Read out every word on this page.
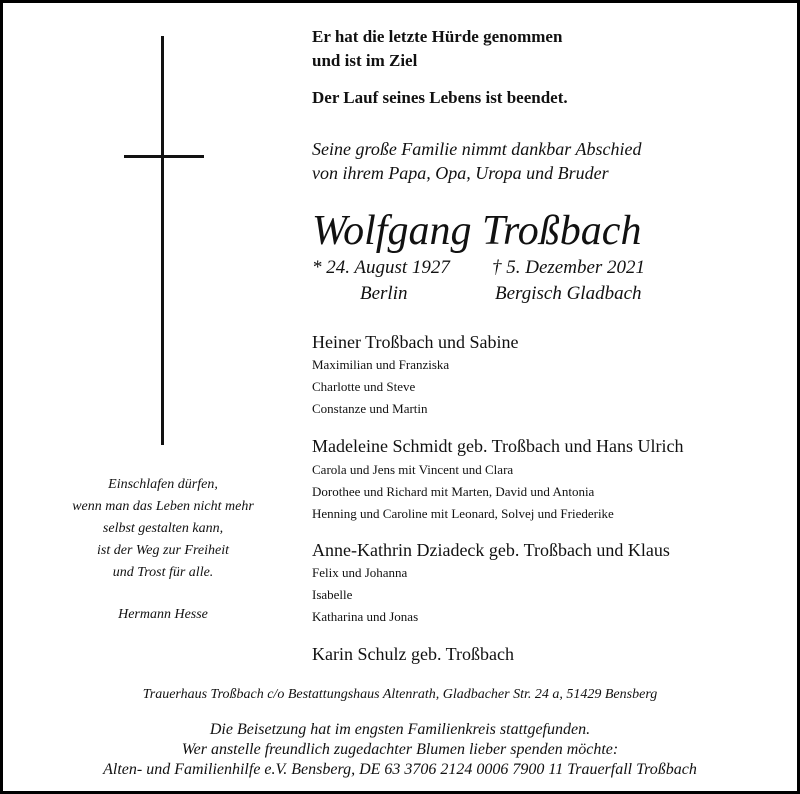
Er hat die letzte Hürde genommen
und ist im Ziel
Der Lauf seines Lebens ist beendet.
Seine große Familie nimmt dankbar Abschied
von ihrem Papa, Opa, Uropa und Bruder
Wolfgang Troßbach
* 24. August 1927
Berlin
† 5. Dezember 2021
Bergisch Gladbach
Heiner Troßbach und Sabine
Maximilian und Franziska
Charlotte und Steve
Constanze und Martin
Madeleine Schmidt geb. Troßbach und Hans Ulrich
Carola und Jens mit Vincent und Clara
Dorothee und Richard mit Marten, David und Antonia
Henning und Caroline mit Leonard, Solvej und Friederike
Anne-Kathrin Dziadeck geb. Troßbach und Klaus
Felix und Johanna
Isabelle
Katharina und Jonas
Karin Schulz geb. Troßbach
Einschlafen dürfen,
wenn man das Leben nicht mehr
selbst gestalten kann,
ist der Weg zur Freiheit
und Trost für alle.
Hermann Hesse
Trauerhaus Troßbach c/o Bestattungshaus Altenrath, Gladbacher Str. 24 a, 51429 Bensberg
Die Beisetzung hat im engsten Familienkreis stattgefunden.
Wer anstelle freundlich zugedachter Blumen lieber spenden möchte:
Alten- und Familienhilfe e.V. Bensberg, DE 63 3706 2124 0006 7900 11 Trauerfall Troßbach
